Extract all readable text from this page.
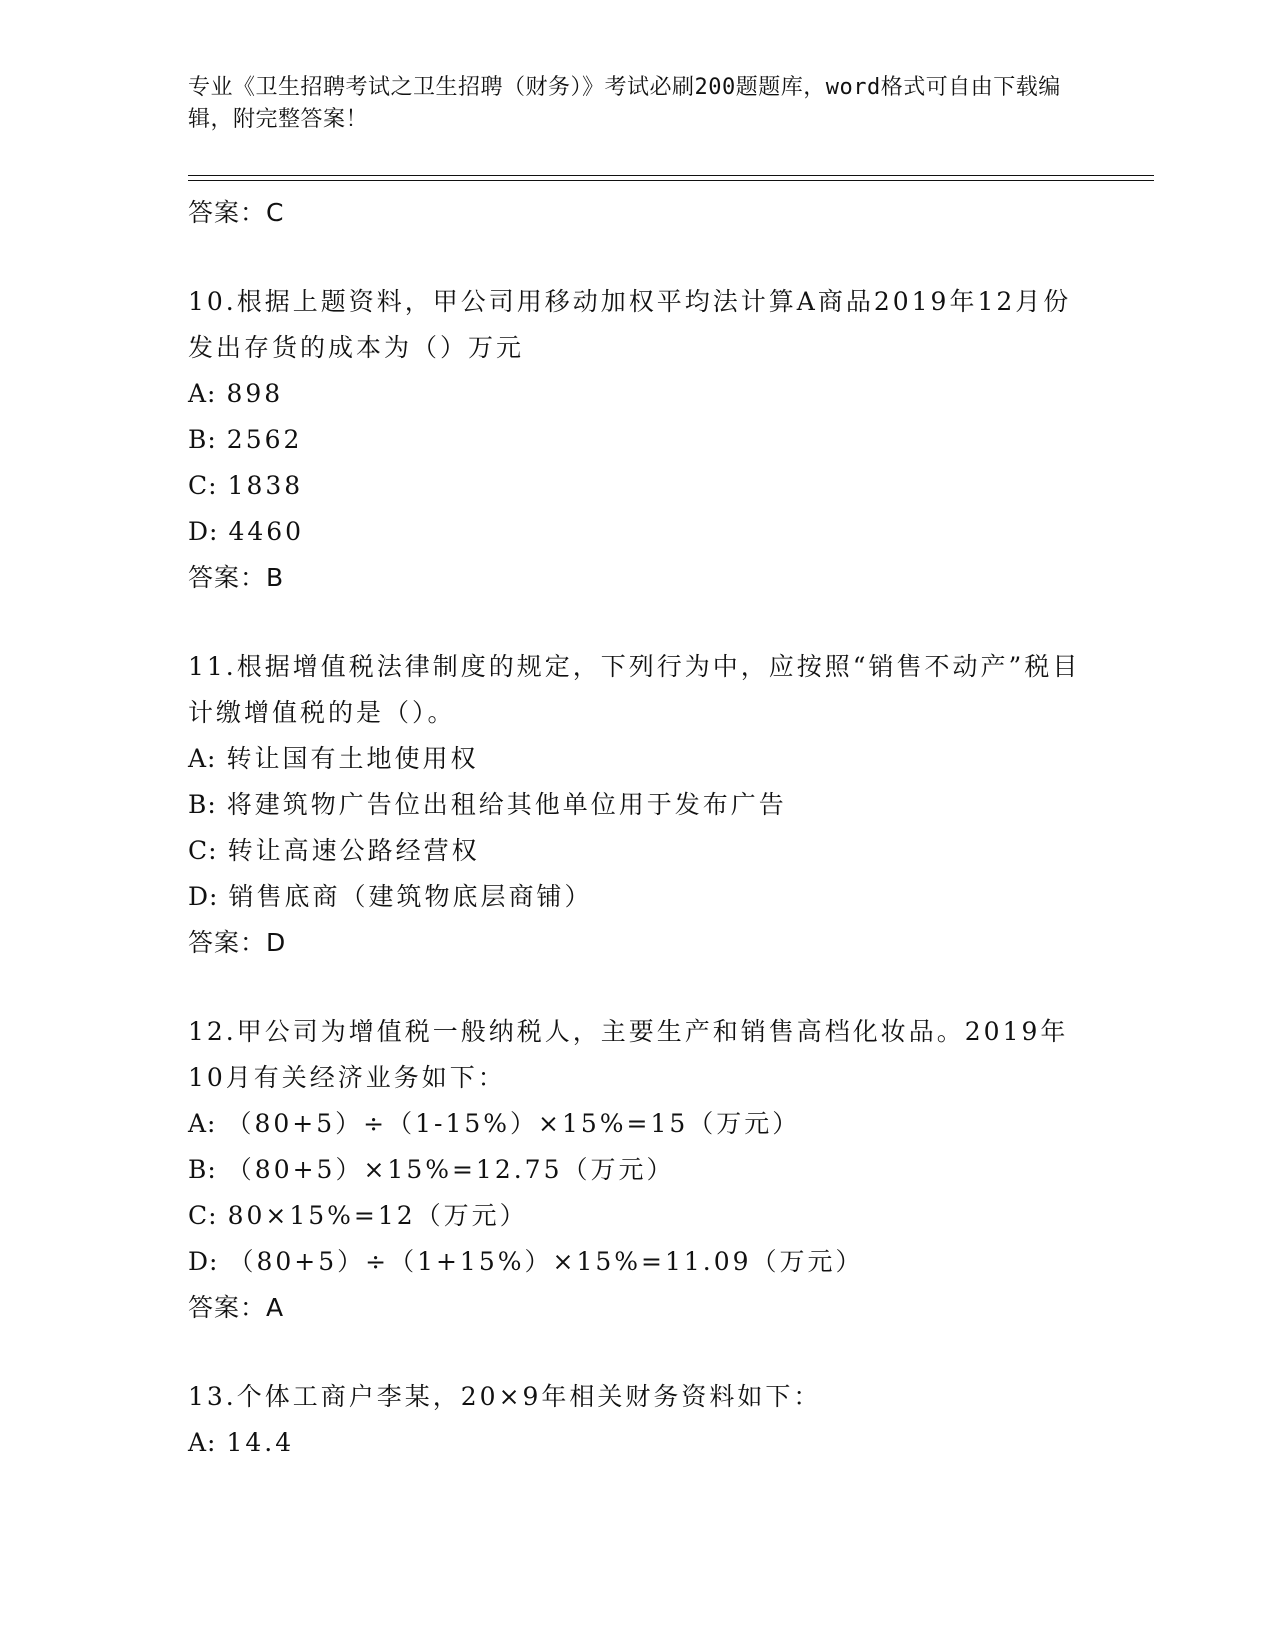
专业《卫生招聘考试之卫生招聘（财务）》考试必刷200题题库，word格式可自由下载编辑，附完整答案！
答案：C
10.根据上题资料，甲公司用移动加权平均法计算A商品2019年12月份发出存货的成本为（）万元
A: 898
B: 2562
C: 1838
D: 4460
答案：B
11.根据增值税法律制度的规定，下列行为中，应按照“销售不动产”税目计缴增值税的是（）。
A: 转让国有土地使用权
B: 将建筑物广告位出租给其他单位用于发布广告
C: 转让高速公路经营权
D: 销售底商（建筑物底层商铺）
答案：D
12.甲公司为增值税一般纳税人，主要生产和销售高档化妆品。2019年10月有关经济业务如下：
A: （80+5）÷（1-15%）×15%=15（万元）
B: （80+5）×15%=12.75（万元）
C: 80×15%=12（万元）
D: （80+5）÷（1+15%）×15%=11.09（万元）
答案：A
13.个体工商户李某，20×9年相关财务资料如下：
A: 14.4
